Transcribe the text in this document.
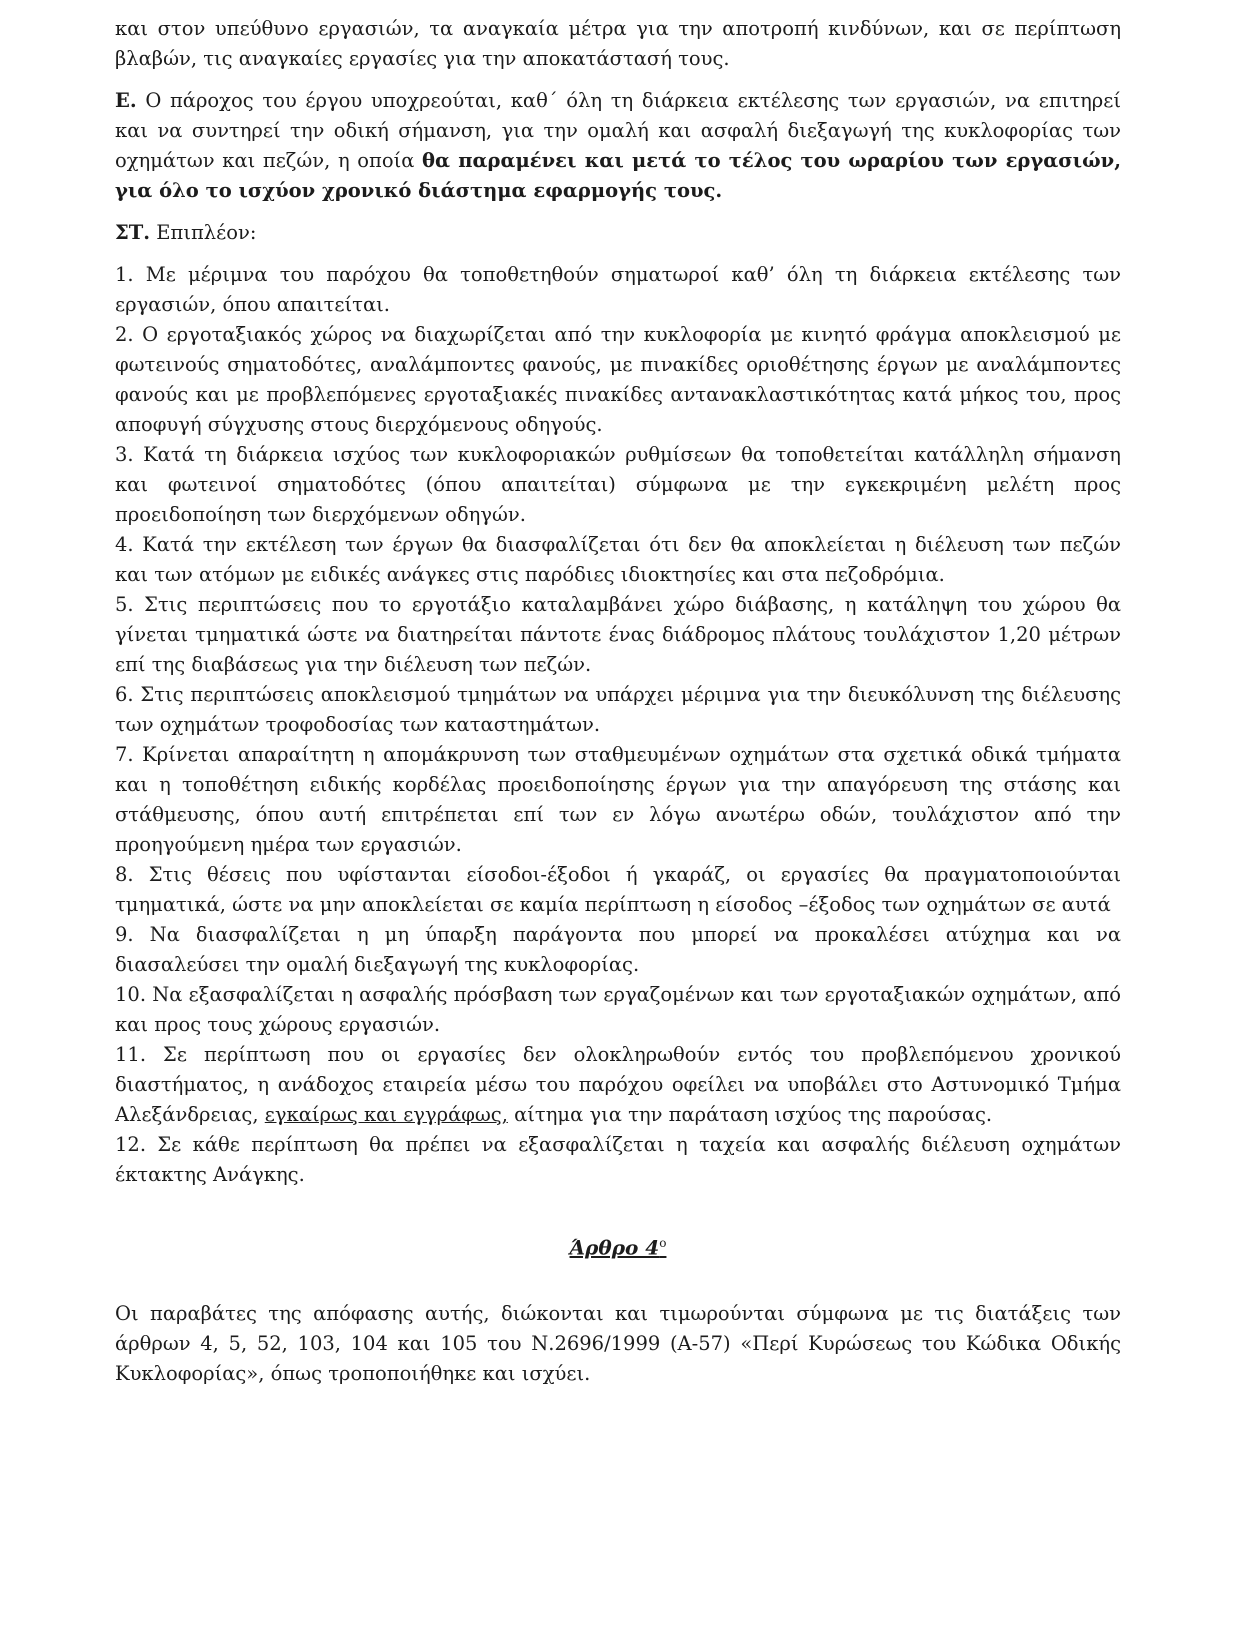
και στον υπεύθυνο εργασιών, τα αναγκαία μέτρα για την αποτροπή κινδύνων, και σε περίπτωση βλαβών, τις αναγκαίες εργασίες για την αποκατάστασή τους.

Ε. Ο πάροχος του έργου υποχρεούται, καθ΄ όλη τη διάρκεια εκτέλεσης των εργασιών, να επιτηρεί και να συντηρεί την οδική σήμανση, για την ομαλή και ασφαλή διεξαγωγή της κυκλοφορίας των οχημάτων και πεζών, η οποία θα παραμένει και μετά το τέλος του ωραρίου των εργασιών, για όλο το ισχύον χρονικό διάστημα εφαρμογής τους.

ΣΤ. Επιπλέον:

1. Με μέριμνα του παρόχου θα τοποθετηθούν σηματωροί καθ’ όλη τη διάρκεια εκτέλεσης των εργασιών, όπου απαιτείται.
2. Ο εργοταξιακός χώρος να διαχωρίζεται από την κυκλοφορία με κινητό φράγμα αποκλεισμού με φωτεινούς σηματοδότες, αναλάμποντες φανούς, με πινακίδες οριοθέτησης έργων με αναλάμποντες φανούς και με προβλεπόμενες εργοταξιακές πινακίδες αντανακλαστικότητας κατά μήκος του, προς αποφυγή σύγχυσης στους διερχόμενους οδηγούς.
3. Κατά τη διάρκεια ισχύος των κυκλοφοριακών ρυθμίσεων θα τοποθετείται κατάλληλη σήμανση και φωτεινοί σηματοδότες (όπου απαιτείται) σύμφωνα με την εγκεκριμένη μελέτη προς προειδοποίηση των διερχόμενων οδηγών.
4. Κατά την εκτέλεση των έργων θα διασφαλίζεται ότι δεν θα αποκλείεται η διέλευση των πεζών και των ατόμων με ειδικές ανάγκες στις παρόδιες ιδιοκτησίες και στα πεζοδρόμια.
5. Στις περιπτώσεις που το εργοτάξιο καταλαμβάνει χώρο διάβασης, η κατάληψη του χώρου θα γίνεται τμηματικά ώστε να διατηρείται πάντοτε ένας διάδρομος πλάτους τουλάχιστον 1,20 μέτρων επί της διαβάσεως για την διέλευση των πεζών.
6. Στις περιπτώσεις αποκλεισμού τμημάτων να υπάρχει μέριμνα για την διευκόλυνση της διέλευσης των οχημάτων τροφοδοσίας των καταστημάτων.
7. Κρίνεται απαραίτητη η απομάκρυνση των σταθμευμένων οχημάτων στα σχετικά οδικά τμήματα και η τοποθέτηση ειδικής κορδέλας προειδοποίησης έργων για την απαγόρευση της στάσης και στάθμευσης, όπου αυτή επιτρέπεται επί των εν λόγω ανωτέρω οδών, τουλάχιστον από την προηγούμενη ημέρα των εργασιών.
8. Στις θέσεις που υφίστανται είσοδοι-έξοδοι ή γκαράζ, οι εργασίες θα πραγματοποιούνται τμηματικά, ώστε να μην αποκλείεται σε καμία περίπτωση η είσοδος –έξοδος των οχημάτων σε αυτά
9. Να διασφαλίζεται η μη ύπαρξη παράγοντα που μπορεί να προκαλέσει ατύχημα και να διασαλεύσει την ομαλή διεξαγωγή της κυκλοφορίας.
10. Να εξασφαλίζεται η ασφαλής πρόσβαση των εργαζομένων και των εργοταξιακών οχημάτων, από και προς τους χώρους εργασιών.
11. Σε περίπτωση που οι εργασίες δεν ολοκληρωθούν εντός του προβλεπόμενου χρονικού διαστήματος, η ανάδοχος εταιρεία μέσω του παρόχου οφείλει να υποβάλει στο Αστυνομικό Τμήμα Αλεξάνδρειας, εγκαίρως και εγγράφως, αίτημα για την παράταση ισχύος της παρούσας.
12. Σε κάθε περίπτωση θα πρέπει να εξασφαλίζεται η ταχεία και ασφαλής διέλευση οχημάτων έκτακτης Ανάγκης.
Άρθρο $4^o$

Οι παραβάτες της απόφασης αυτής, διώκονται και τιμωρούνται σύμφωνα με τις διατάξεις των άρθρων 4, 5, 52, 103, 104 και 105 του Ν.2696/1999 (Α-57) «Περί Κυρώσεως του Κώδικα Οδικής Κυκλοφορίας», όπως τροποποιήθηκε και ισχύει.
